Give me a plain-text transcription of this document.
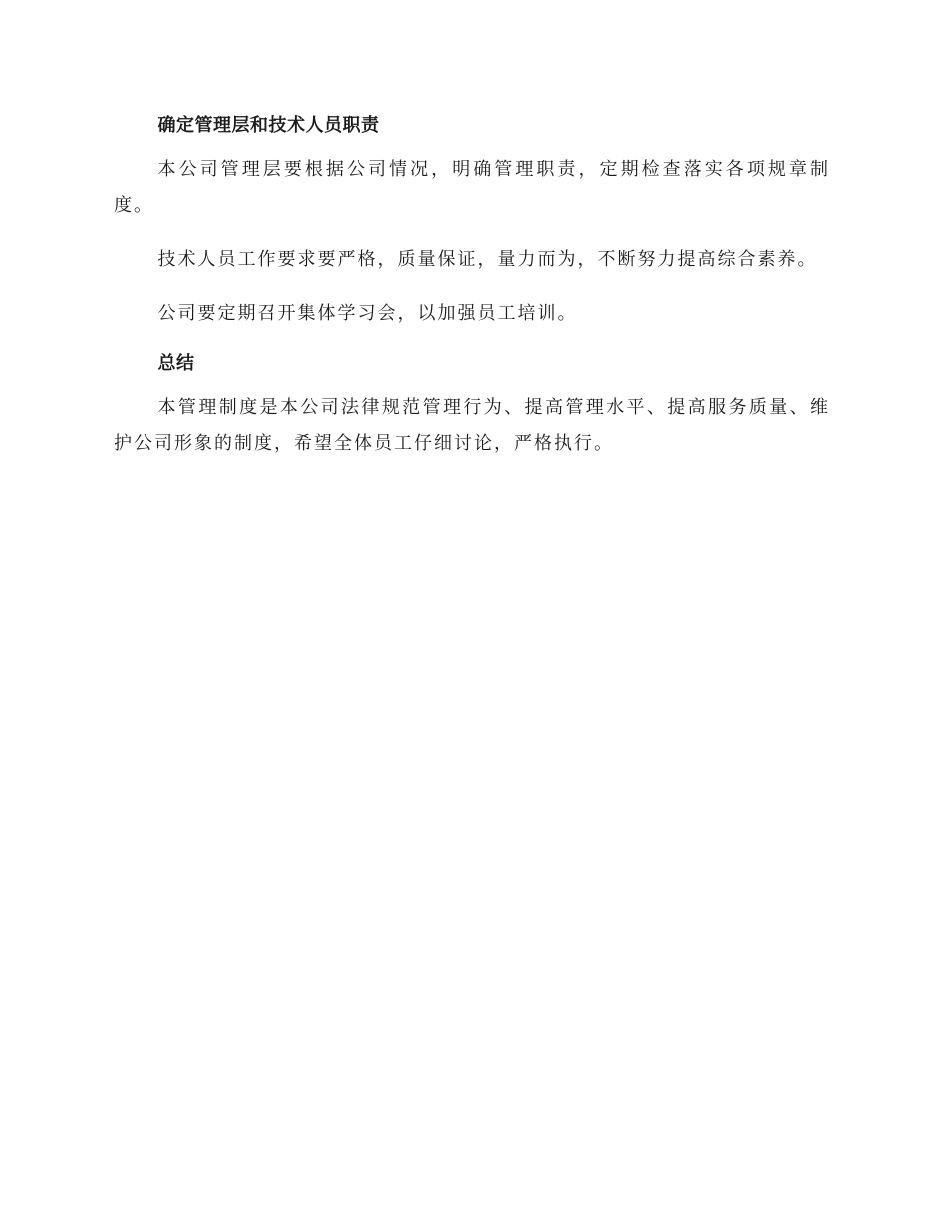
确定管理层和技术人员职责

本公司管理层要根据公司情况，明确管理职责，定期检查落实各项规章制度。

技术人员工作要求要严格，质量保证，量力而为，不断努力提高综合素养。

公司要定期召开集体学习会，以加强员工培训。

总结

本管理制度是本公司法律规范管理行为、提高管理水平、提高服务质量、维护公司形象的制度，希望全体员工仔细讨论，严格执行。
